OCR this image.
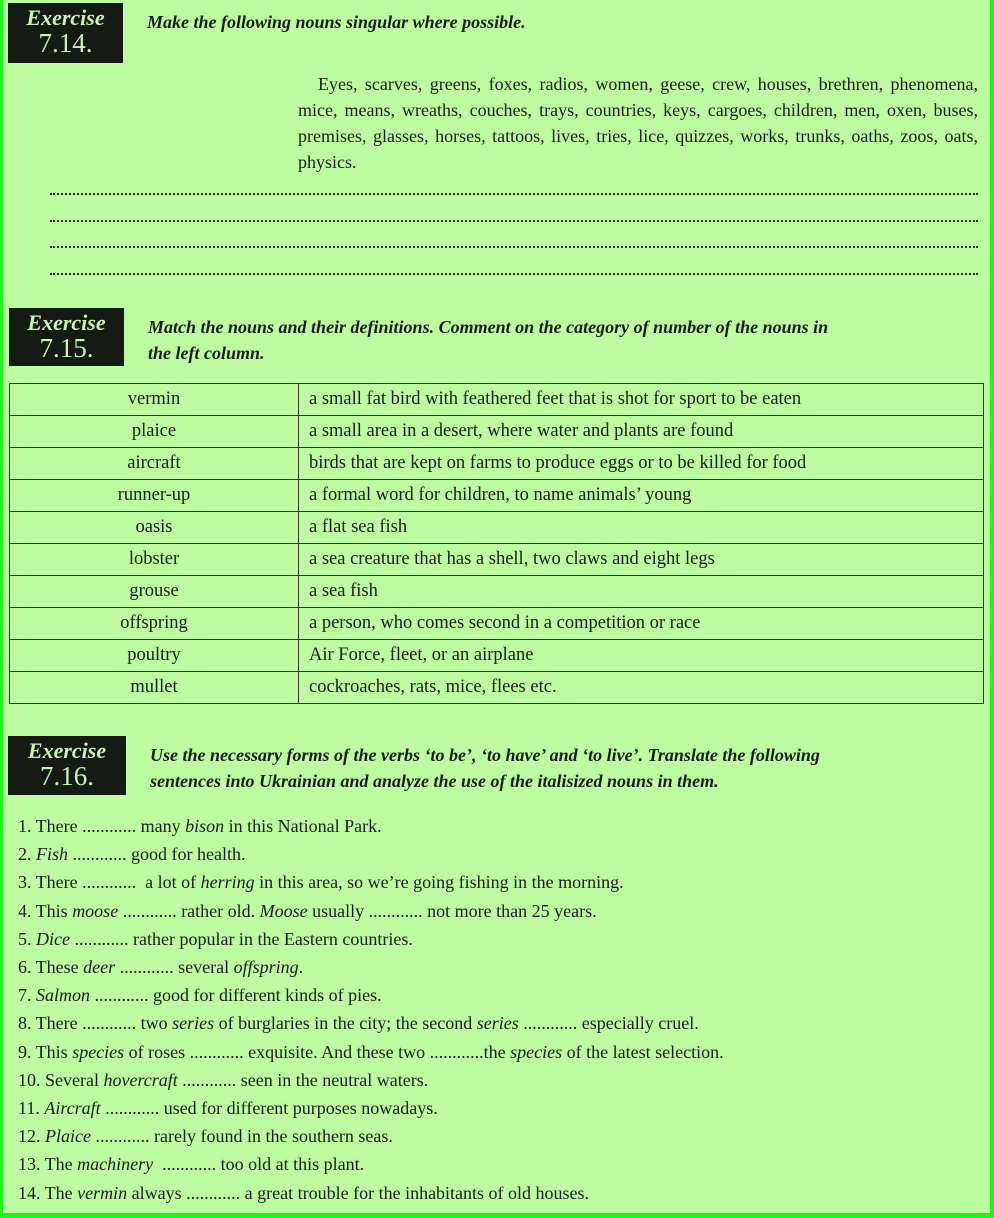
Exercise
7.14.
Make the following nouns singular where possible.
Eyes, scarves, greens, foxes, radios, women, geese, crew, houses, brethren, phenomena, mice, means, wreaths, couches, trays, countries, keys, cargoes, children, men, oxen, buses, premises, glasses, horses, tattoos, lives, tries, lice, quizzes, works, trunks, oaths, zoos, oats, physics.
Exercise
7.15.
Match the nouns and their definitions. Comment on the category of number of the nouns in
the left column.
vermin	a small fat bird with feathered feet that is shot for sport to be eaten
plaice	a small area in a desert, where water and plants are found
aircraft	birds that are kept on farms to produce eggs or to be killed for food
runner-up	a formal word for children, to name animals’ young
oasis	a flat sea fish
lobster	a sea creature that has a shell, two claws and eight legs
grouse	a sea fish
offspring	a person, who comes second in a competition or race
poultry	Air Force, fleet, or an airplane
mullet	cockroaches, rats, mice, flees etc.
Exercise
7.16.
Use the necessary forms of the verbs ‘to be’, ‘to have’ and ‘to live’. Translate the following
sentences into Ukrainian and analyze the use of the italisized nouns in them.
1. There ............ many bison in this National Park.
2. Fish ............ good for health.
3. There ............  a lot of herring in this area, so we’re going fishing in the morning.
4. This moose ............ rather old. Moose usually ............ not more than 25 years.
5. Dice ............ rather popular in the Eastern countries.
6. These deer ............ several offspring.
7. Salmon ............ good for different kinds of pies.
8. There ............ two series of burglaries in the city; the second series ............ especially cruel.
9. This species of roses ............ exquisite. And these two ............the species of the latest selection.
10. Several hovercraft ............ seen in the neutral waters.
11. Aircraft ............ used for different purposes nowadays.
12. Plaice ............ rarely found in the southern seas.
13. The machinery  ............ too old at this plant.
14. The vermin always ............ a great trouble for the inhabitants of old houses.
